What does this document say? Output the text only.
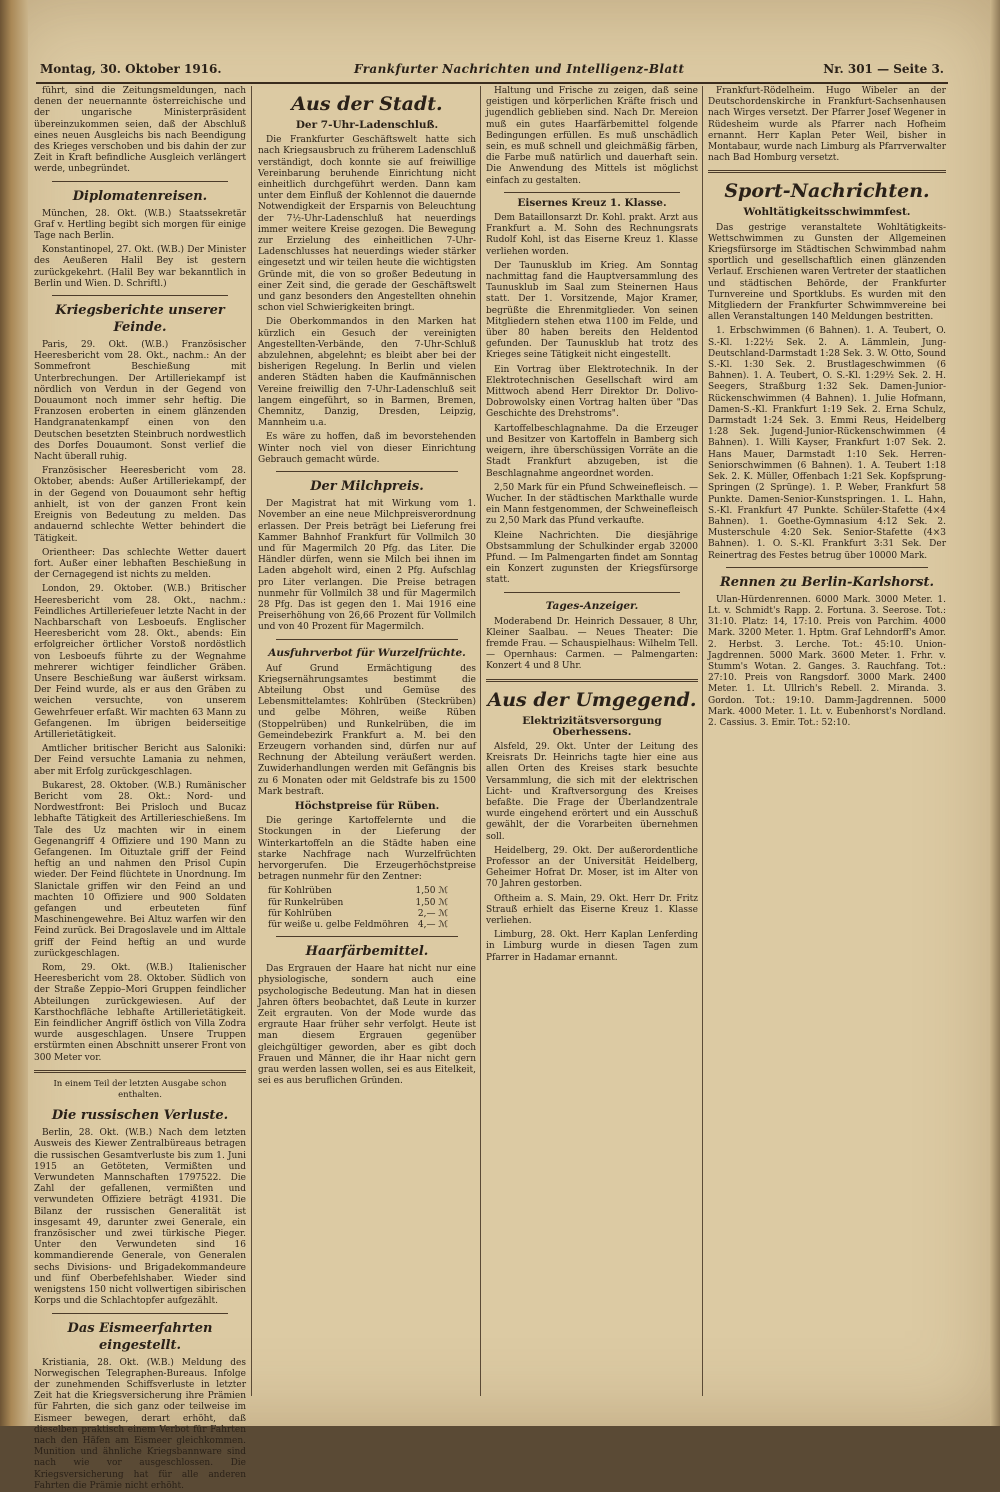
Montag, 30. Oktober 1916.	Frankfurter Nachrichten und Intelligenz-Blatt	Nr. 301 — Seite 3.

führt, sind die Zeitungsmeldungen, nach denen der neuernannte österreichische und der ungarische Ministerpräsident übereinzukommen seien, daß der Abschluß eines neuen Ausgleichs bis nach Beendigung des Krieges verschoben und bis dahin der zur Zeit in Kraft befindliche Ausgleich verlängert werde, unbegründet.

Diplomatenreisen.

München, 28. Okt. (W.B.) Staatssekretär Graf v. Hertling begibt sich morgen für einige Tage nach Berlin.

Konstantinopel, 27. Okt. (W.B.) Der Minister des Aeußeren Halil Bey ist gestern zurückgekehrt. (Halil Bey war bekanntlich in Berlin und Wien. D. Schriftl.)

Kriegsberichte unserer Feinde.

Paris, 29. Okt. (W.B.) Französischer Heeresbericht vom 28. Okt., nachm.: An der Sommefront Beschießung mit Unterbrechungen. Der Artilleriekampf ist nördlich von Verdun in der Gegend von Douaumont noch immer sehr heftig. Die Franzosen eroberten in einem glänzenden Handgranatenkampf einen von den Deutschen besetzten Steinbruch nordwestlich des Dorfes Douaumont. Sonst verlief die Nacht überall ruhig.

Französischer Heeresbericht vom 28. Oktober, abends: Außer Artilleriekampf, der in der Gegend von Douaumont sehr heftig anhielt, ist von der ganzen Front kein Ereignis von Bedeutung zu melden. Das andauernd schlechte Wetter behindert die Tätigkeit.

Orientheer: Das schlechte Wetter dauert fort. Außer einer lebhaften Beschießung in der Cernagegend ist nichts zu melden.

London, 29. Oktober. (W.B.) Britischer Heeresbericht vom 28. Okt., nachm.: Feindliches Artilleriefeuer letzte Nacht in der Nachbarschaft von Lesboeufs. Englischer Heeresbericht vom 28. Okt., abends: Ein erfolgreicher örtlicher Vorstoß nordöstlich von Lesboeufs führte zu der Wegnahme mehrerer wichtiger feindlicher Gräben. Unsere Beschießung war äußerst wirksam. Der Feind wurde, als er aus den Gräben zu weichen versuchte, von unserem Gewehrfeuer erfaßt. Wir machten 63 Mann zu Gefangenen. Im übrigen beiderseitige Artillerietätigkeit.

Amtlicher britischer Bericht aus Saloniki: Der Feind versuchte Lamania zu nehmen, aber mit Erfolg zurückgeschlagen.

Bukarest, 28. Oktober. (W.B.) Rumänischer Bericht vom 28. Okt.: Nord- und Nordwestfront: Bei Prisloch und Bucaz lebhafte Tätigkeit des Artillerieschießens. Im Tale des Uz machten wir in einem Gegenangriff 4 Offiziere und 190 Mann zu Gefangenen. Im Oituztale griff der Feind heftig an und nahmen den Prisol Cupin wieder. Der Feind flüchtete in Unordnung. Im Slanictale griffen wir den Feind an und machten 10 Offiziere und 900 Soldaten gefangen und erbeuteten fünf Maschinengewehre. Bei Altuz warfen wir den Feind zurück. Bei Dragoslavele und im Alttale griff der Feind heftig an und wurde zurückgeschlagen.

Rom, 29. Okt. (W.B.) Italienischer Heeresbericht vom 28. Oktober. Südlich von der Straße Zeppio–Mori Gruppen feindlicher Abteilungen zurückgewiesen. Auf der Karsthochfläche lebhafte Artillerietätigkeit. Ein feindlicher Angriff östlich von Villa Zodra wurde ausgeschlagen. Unsere Truppen erstürmten einen Abschnitt unserer Front von 300 Meter vor.

In einem Teil der letzten Ausgabe schon enthalten.
Die russischen Verluste.

Berlin, 28. Okt. (W.B.) Nach dem letzten Ausweis des Kiewer Zentralbüreaus betragen die russischen Gesamtverluste bis zum 1. Juni 1915 an Getöteten, Vermißten und Verwundeten Mannschaften 1797522. Die Zahl der gefallenen, vermißten und verwundeten Offiziere beträgt 41931. Die Bilanz der russischen Generalität ist insgesamt 49, darunter zwei Generale, ein französischer und zwei türkische Pieger. Unter den Verwundeten sind 16 kommandierende Generale, von Generalen sechs Divisions- und Brigadekommandeure und fünf Oberbefehlshaber. Wieder sind wenigstens 150 nicht vollwertigen sibirischen Korps und die Schlachtopfer aufgezählt.

Das Eismeerfahrten eingestellt.

Kristiania, 28. Okt. (W.B.) Meldung des Norwegischen Telegraphen-Bureaus. Infolge der zunehmenden Schiffsverluste in letzter Zeit hat die Kriegsversicherung ihre Prämien für Fahrten, die sich ganz oder teilweise im Eismeer bewegen, derart erhöht, daß dieselben praktisch einem Verbot für Fahrten nach den Häfen am Eismeer gleichkommen. Munition und ähnliche Kriegsbannware sind nach wie vor ausgeschlossen. Die Kriegsversicherung hat für alle anderen Fahrten die Prämie nicht erhöht.

Aus der Stadt.
Der 7-Uhr-Ladenschluß.

Die Frankfurter Geschäftswelt hatte sich nach Kriegsausbruch zu früherem Ladenschluß verständigt, doch konnte sie auf freiwillige Vereinbarung beruhende Einrichtung nicht einheitlich durchgeführt werden. Dann kam unter dem Einfluß der Kohlennot die dauernde Notwendigkeit der Ersparnis von Beleuchtung der 7½-Uhr-Ladenschluß hat neuerdings immer weitere Kreise gezogen. Die Bewegung zur Erzielung des einheitlichen 7-Uhr-Ladenschlusses hat neuerdings wieder stärker eingesetzt und wir teilen heute die wichtigsten Gründe mit, die von so großer Bedeutung in einer Zeit sind, die gerade der Geschäftswelt und ganz besonders den Angestellten ohnehin schon viel Schwierigkeiten bringt.

Die Oberkommandos in den Marken hat kürzlich ein Gesuch der vereinigten Angestellten-Verbände, den 7-Uhr-Schluß abzulehnen, abgelehnt; es bleibt aber bei der bisherigen Regelung. In Berlin und vielen anderen Städten haben die Kaufmännischen Vereine freiwillig den 7-Uhr-Ladenschluß seit langem eingeführt, so in Barmen, Bremen, Chemnitz, Danzig, Dresden, Leipzig, Mannheim u.a.

Es wäre zu hoffen, daß im bevorstehenden Winter noch viel von dieser Einrichtung Gebrauch gemacht würde.

Der Milchpreis.

Der Magistrat hat mit Wirkung vom 1. November an eine neue Milchpreisverordnung erlassen. Der Preis beträgt bei Lieferung frei Kammer Bahnhof Frankfurt für Vollmilch 30 und für Magermilch 20 Pfg. das Liter. Die Händler dürfen, wenn sie Milch bei ihnen im Laden abgeholt wird, einen 2 Pfg. Aufschlag pro Liter verlangen. Die Preise betragen nunmehr für Vollmilch 38 und für Magermilch 28 Pfg. Das ist gegen den 1. Mai 1916 eine Preiserhöhung von 26,66 Prozent für Vollmilch und von 40 Prozent für Magermilch.

Ausfuhrverbot für Wurzelfrüchte.

Auf Grund Ermächtigung des Kriegsernährungsamtes bestimmt die Abteilung Obst und Gemüse des Lebensmittelamtes: Kohlrüben (Steckrüben) und gelbe Möhren, weiße Rüben (Stoppelrüben) und Runkelrüben, die im Gemeindebezirk Frankfurt a. M. bei den Erzeugern vorhanden sind, dürfen nur auf Rechnung der Abteilung veräußert werden. Zuwiderhandlungen werden mit Gefängnis bis zu 6 Monaten oder mit Geldstrafe bis zu 1500 Mark bestraft.

Höchstpreise für Rüben.

Die geringe Kartoffelernte und die Stockungen in der Lieferung der Winterkartoffeln an die Städte haben eine starke Nachfrage nach Wurzelfrüchten hervorgerufen. Die Erzeugerhöchstpreise betragen nunmehr für den Zentner:

für Kohlrüben	1,50 ℳ
für Runkelrüben	1,50 ℳ
für Kohlrüben	2,— ℳ
für weiße u. gelbe Feldmöhren 4,— ℳ
Haarfärbemittel.

Das Ergrauen der Haare hat nicht nur eine physiologische, sondern auch eine psychologische Bedeutung. Man hat in diesen Jahren öfters beobachtet, daß Leute in kurzer Zeit ergrauten. Von der Mode wurde das ergraute Haar früher sehr verfolgt. Heute ist man diesem Ergrauen gegenüber gleichgültiger geworden, aber es gibt doch Frauen und Männer, die ihr Haar nicht gern grau werden lassen wollen, sei es aus Eitelkeit, sei es aus beruflichen Gründen.

Haltung und Frische zu zeigen, daß seine geistigen und körperlichen Kräfte frisch und jugendlich geblieben sind. Nach Dr. Mereion muß ein gutes Haarfärbemittel folgende Bedingungen erfüllen. Es muß unschädlich sein, es muß schnell und gleichmäßig färben, die Farbe muß natürlich und dauerhaft sein. Die Anwendung des Mittels ist möglichst einfach zu gestalten.

Eisernes Kreuz 1. Klasse.

Dem Bataillonsarzt Dr. Kohl. prakt. Arzt aus Frankfurt a. M. Sohn des Rechnungsrats Rudolf Kohl, ist das Eiserne Kreuz 1. Klasse verliehen worden.

Der Taunusklub im Krieg. Am Sonntag nachmittag fand die Hauptversammlung des Taunusklub im Saal zum Steinernen Haus statt. Der 1. Vorsitzende, Major Kramer, begrüßte die Ehrenmitglieder. Von seinen Mitgliedern stehen etwa 1100 im Felde, und über 80 haben bereits den Heldentod gefunden. Der Taunusklub hat trotz des Krieges seine Tätigkeit nicht eingestellt.

Ein Vortrag über Elektrotechnik. In der Elektrotechnischen Gesellschaft wird am Mittwoch abend Herr Direktor Dr. Dolivo-Dobrowolsky einen Vortrag halten über "Das Geschichte des Drehstroms".

Kartoffelbeschlagnahme. Da die Erzeuger und Besitzer von Kartoffeln in Bamberg sich weigern, ihre überschüssigen Vorräte an die Stadt Frankfurt abzugeben, ist die Beschlagnahme angeordnet worden.

2,50 Mark für ein Pfund Schweinefleisch. — Wucher. In der städtischen Markthalle wurde ein Mann festgenommen, der Schweinefleisch zu 2,50 Mark das Pfund verkaufte.

Kleine Nachrichten. Die diesjährige Obstsammlung der Schulkinder ergab 32000 Pfund. — Im Palmengarten findet am Sonntag ein Konzert zugunsten der Kriegsfürsorge statt.

Tages-Anzeiger.

Moderabend Dr. Heinrich Dessauer, 8 Uhr, Kleiner Saalbau. — Neues Theater: Die fremde Frau. — Schauspielhaus: Wilhelm Tell. — Opernhaus: Carmen. — Palmengarten: Konzert 4 und 8 Uhr.

Aus der Umgegend.
Elektrizitätsversorgung Oberhessens.

Alsfeld, 29. Okt. Unter der Leitung des Kreisrats Dr. Heinrichs tagte hier eine aus allen Orten des Kreises stark besuchte Versammlung, die sich mit der elektrischen Licht- und Kraftversorgung des Kreises befaßte. Die Frage der Überlandzentrale wurde eingehend erörtert und ein Ausschuß gewählt, der die Vorarbeiten übernehmen soll.

Heidelberg, 29. Okt. Der außerordentliche Professor an der Universität Heidelberg, Geheimer Hofrat Dr. Moser, ist im Alter von 70 Jahren gestorben.

Oftheim a. S. Main, 29. Okt. Herr Dr. Fritz Strauß erhielt das Eiserne Kreuz 1. Klasse verliehen.

Limburg, 28. Okt. Herr Kaplan Lenferding in Limburg wurde in diesen Tagen zum Pfarrer in Hadamar ernannt.

Frankfurt-Rödelheim. Hugo Wibeler an der Deutschordenskirche in Frankfurt-Sachsenhausen nach Wirges versetzt. Der Pfarrer Josef Wegener in Rüdesheim wurde als Pfarrer nach Hofheim ernannt. Herr Kaplan Peter Weil, bisher in Montabaur, wurde nach Limburg als Pfarrverwalter nach Bad Homburg versetzt.

Sport-Nachrichten.
Wohltätigkeitsschwimmfest.

Das gestrige veranstaltete Wohltätigkeits-Wettschwimmen zu Gunsten der Allgemeinen Kriegsfürsorge im Städtischen Schwimmbad nahm sportlich und gesellschaftlich einen glänzenden Verlauf. Erschienen waren Vertreter der staatlichen und städtischen Behörde, der Frankfurter Turnvereine und Sportklubs. Es wurden mit den Mitgliedern der Frankfurter Schwimmvereine bei allen Veranstaltungen 140 Meldungen bestritten.

1. Erbschwimmen (6 Bahnen). 1. A. Teubert, O. S.-Kl. 1:22½ Sek. 2. A. Lämmlein, Jung-Deutschland-Darmstadt 1:28 Sek. 3. W. Otto, Sound S.-Kl. 1:30 Sek. 2. Brustlageschwimmen (6 Bahnen). 1. A. Teubert, O. S.-Kl. 1:29½ Sek. 2. H. Seegers, Straßburg 1:32 Sek. Damen-Junior-Rückenschwimmen (4 Bahnen). 1. Julie Hofmann, Damen-S.-Kl. Frankfurt 1:19 Sek. 2. Erna Schulz, Darmstadt 1:24 Sek. 3. Emmi Reus, Heidelberg 1:28 Sek. Jugend-Junior-Rückenschwimmen (4 Bahnen). 1. Willi Kayser, Frankfurt 1:07 Sek. 2. Hans Mauer, Darmstadt 1:10 Sek. Herren-Seniorschwimmen (6 Bahnen). 1. A. Teubert 1:18 Sek. 2. K. Müller, Offenbach 1:21 Sek. Kopfsprung-Springen (2 Sprünge). 1. P. Weber, Frankfurt 58 Punkte. Damen-Senior-Kunstspringen. 1. L. Hahn, S.-Kl. Frankfurt 47 Punkte. Schüler-Stafette (4×4 Bahnen). 1. Goethe-Gymnasium 4:12 Sek. 2. Musterschule 4:20 Sek. Senior-Stafette (4×3 Bahnen). 1. O. S.-Kl. Frankfurt 3:31 Sek. Der Reinertrag des Festes betrug über 10000 Mark.

Rennen zu Berlin-Karlshorst.

Ulan-Hürdenrennen. 6000 Mark. 3000 Meter. 1. Lt. v. Schmidt's Rapp. 2. Fortuna. 3. Seerose. Tot.: 31:10. Platz: 14, 17:10. Preis von Parchim. 4000 Mark. 3200 Meter. 1. Hptm. Graf Lehndorff's Amor. 2. Herbst. 3. Lerche. Tot.: 45:10. Union-Jagdrennen. 5000 Mark. 3600 Meter. 1. Frhr. v. Stumm's Wotan. 2. Ganges. 3. Rauchfang. Tot.: 27:10. Preis von Rangsdorf. 3000 Mark. 2400 Meter. 1. Lt. Ullrich's Rebell. 2. Miranda. 3. Gordon. Tot.: 19:10. Damm-Jagdrennen. 5000 Mark. 4000 Meter. 1. Lt. v. Eubenhorst's Nordland. 2. Cassius. 3. Emir. Tot.: 52:10.
